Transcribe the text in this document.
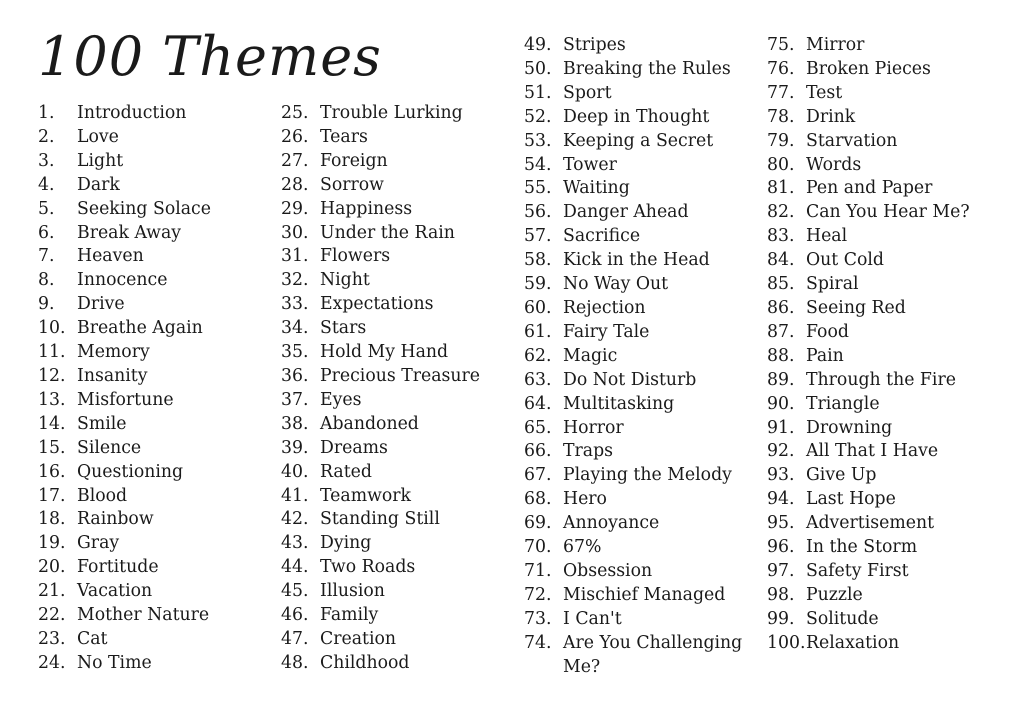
100 Themes
1. Introduction
2. Love
3. Light
4. Dark
5. Seeking Solace
6. Break Away
7. Heaven
8. Innocence
9. Drive
10. Breathe Again
11. Memory
12. Insanity
13. Misfortune
14. Smile
15. Silence
16. Questioning
17. Blood
18. Rainbow
19. Gray
20. Fortitude
21. Vacation
22. Mother Nature
23. Cat
24. No Time
25. Trouble Lurking
26. Tears
27. Foreign
28. Sorrow
29. Happiness
30. Under the Rain
31. Flowers
32. Night
33. Expectations
34. Stars
35. Hold My Hand
36. Precious Treasure
37. Eyes
38. Abandoned
39. Dreams
40. Rated
41. Teamwork
42. Standing Still
43. Dying
44. Two Roads
45. Illusion
46. Family
47. Creation
48. Childhood
49. Stripes
50. Breaking the Rules
51. Sport
52. Deep in Thought
53. Keeping a Secret
54. Tower
55. Waiting
56. Danger Ahead
57. Sacrifice
58. Kick in the Head
59. No Way Out
60. Rejection
61. Fairy Tale
62. Magic
63. Do Not Disturb
64. Multitasking
65. Horror
66. Traps
67. Playing the Melody
68. Hero
69. Annoyance
70. 67%
71. Obsession
72. Mischief Managed
73. I Can't
74. Are You Challenging Me?
75. Mirror
76. Broken Pieces
77. Test
78. Drink
79. Starvation
80. Words
81. Pen and Paper
82. Can You Hear Me?
83. Heal
84. Out Cold
85. Spiral
86. Seeing Red
87. Food
88. Pain
89. Through the Fire
90. Triangle
91. Drowning
92. All That I Have
93. Give Up
94. Last Hope
95. Advertisement
96. In the Storm
97. Safety First
98. Puzzle
99. Solitude
100. Relaxation
